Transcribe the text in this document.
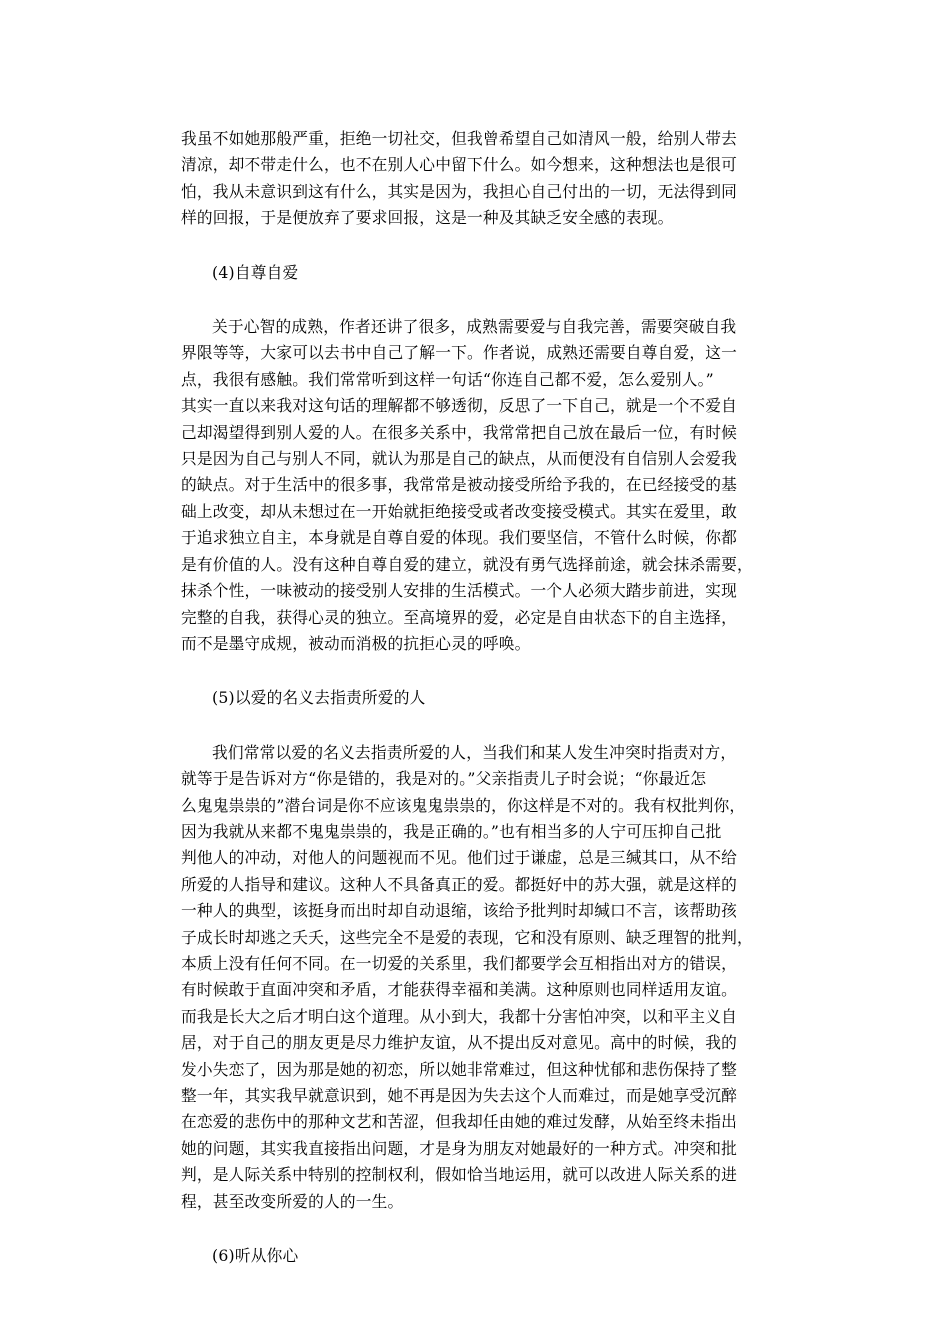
我虽不如她那般严重，拒绝一切社交，但我曾希望自己如清风一般，给别人带去

清凉，却不带走什么，也不在别人心中留下什么。如今想来，这种想法也是很可

怕，我从未意识到这有什么，其实是因为，我担心自己付出的一切，无法得到同

样的回报，于是便放弃了要求回报，这是一种及其缺乏安全感的表现。

(4)自尊自爱

关于心智的成熟，作者还讲了很多，成熟需要爱与自我完善，需要突破自我

界限等等，大家可以去书中自己了解一下。作者说，成熟还需要自尊自爱，这一

点，我很有感触。我们常常听到这样一句话“你连自己都不爱，怎么爱别人。”

其实一直以来我对这句话的理解都不够透彻，反思了一下自己，就是一个不爱自

己却渴望得到别人爱的人。在很多关系中，我常常把自己放在最后一位，有时候

只是因为自己与别人不同，就认为那是自己的缺点，从而便没有自信别人会爱我

的缺点。对于生活中的很多事，我常常是被动接受所给予我的，在已经接受的基

础上改变，却从未想过在一开始就拒绝接受或者改变接受模式。其实在爱里，敢

于追求独立自主，本身就是自尊自爱的体现。我们要坚信，不管什么时候，你都

是有价值的人。没有这种自尊自爱的建立，就没有勇气选择前途，就会抹杀需要，

抹杀个性，一味被动的接受别人安排的生活模式。一个人必须大踏步前进，实现

完整的自我，获得心灵的独立。至高境界的爱，必定是自由状态下的自主选择，

而不是墨守成规，被动而消极的抗拒心灵的呼唤。

(5)以爱的名义去指责所爱的人

我们常常以爱的名义去指责所爱的人，当我们和某人发生冲突时指责对方，

就等于是告诉对方“你是错的，我是对的。”父亲指责儿子时会说；“你最近怎

么鬼鬼祟祟的”潜台词是你不应该鬼鬼祟祟的，你这样是不对的。我有权批判你，

因为我就从来都不鬼鬼祟祟的，我是正确的。”也有相当多的人宁可压抑自己批

判他人的冲动，对他人的问题视而不见。他们过于谦虚，总是三缄其口，从不给

所爱的人指导和建议。这种人不具备真正的爱。都挺好中的苏大强，就是这样的

一种人的典型，该挺身而出时却自动退缩，该给予批判时却缄口不言，该帮助孩

子成长时却逃之夭夭，这些完全不是爱的表现，它和没有原则、缺乏理智的批判，

本质上没有任何不同。在一切爱的关系里，我们都要学会互相指出对方的错误，

有时候敢于直面冲突和矛盾，才能获得幸福和美满。这种原则也同样适用友谊。

而我是长大之后才明白这个道理。从小到大，我都十分害怕冲突，以和平主义自

居，对于自己的朋友更是尽力维护友谊，从不提出反对意见。高中的时候，我的

发小失恋了，因为那是她的初恋，所以她非常难过，但这种忧郁和悲伤保持了整

整一年，其实我早就意识到，她不再是因为失去这个人而难过，而是她享受沉醉

在恋爱的悲伤中的那种文艺和苦涩，但我却任由她的难过发酵，从始至终未指出

她的问题，其实我直接指出问题，才是身为朋友对她最好的一种方式。冲突和批

判，是人际关系中特别的控制权利，假如恰当地运用，就可以改进人际关系的进

程，甚至改变所爱的人的一生。

(6)听从你心
